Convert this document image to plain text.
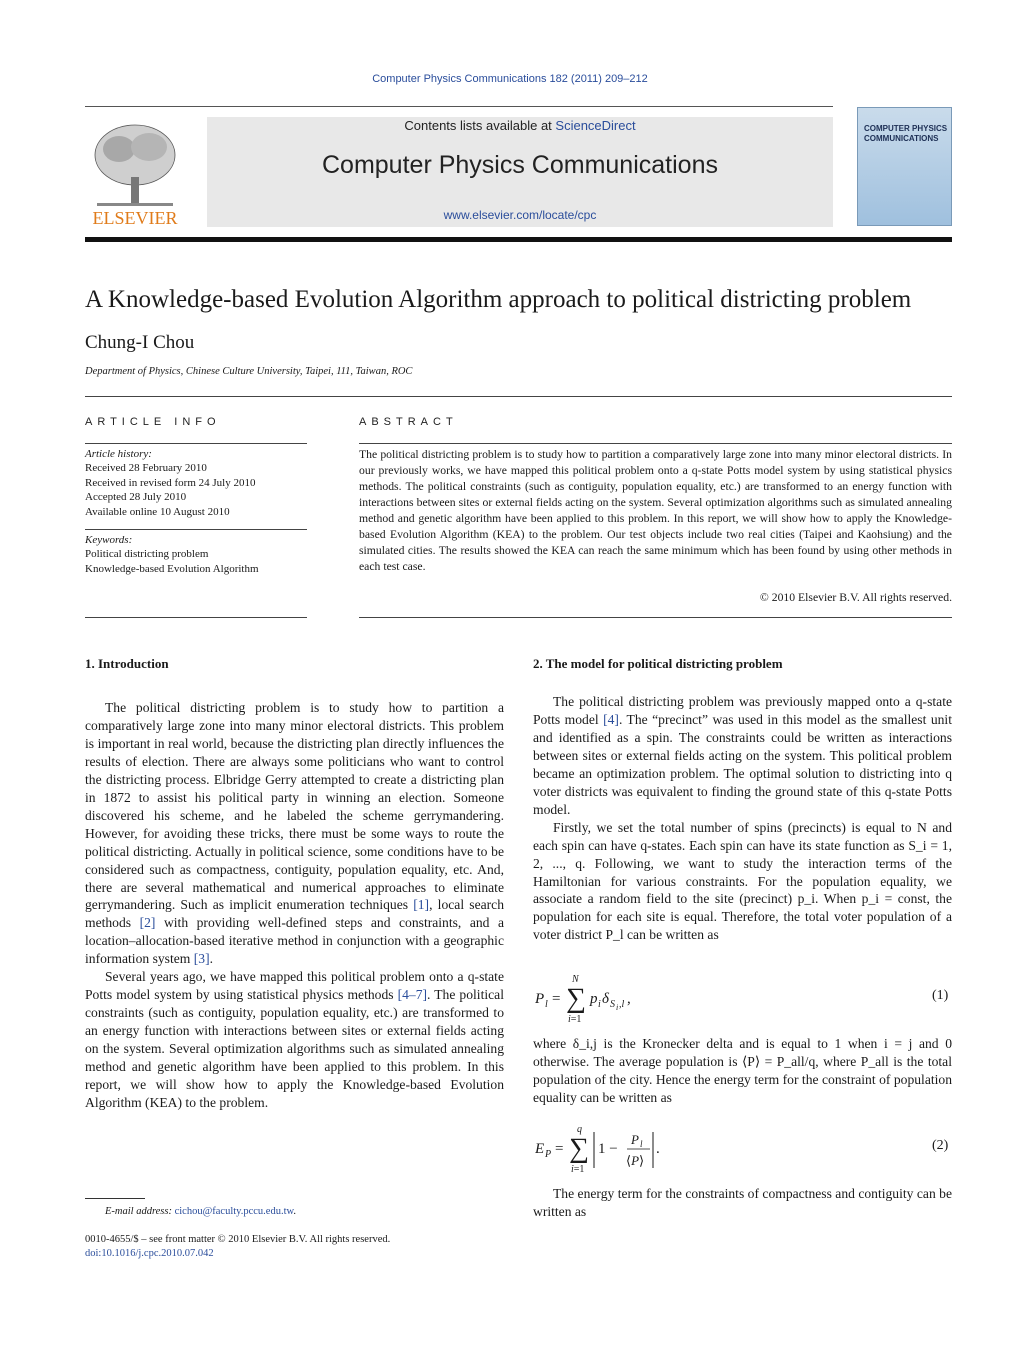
Computer Physics Communications 182 (2011) 209–212
ELSEVIER
Contents lists available at ScienceDirect
Computer Physics Communications
www.elsevier.com/locate/cpc
COMPUTER PHYSICS COMMUNICATIONS
A Knowledge-based Evolution Algorithm approach to political districting problem
Chung-I Chou
Department of Physics, Chinese Culture University, Taipei, 111, Taiwan, ROC
ARTICLE INFO	ABSTRACT
Article history:
Received 28 February 2010
Received in revised form 24 July 2010
Accepted 28 July 2010
Available online 10 August 2010
Keywords:
Political districting problem
Knowledge-based Evolution Algorithm
The political districting problem is to study how to partition a comparatively large zone into many minor electoral districts. In our previously works, we have mapped this political problem onto a q-state Potts model system by using statistical physics methods. The political constraints (such as contiguity, population equality, etc.) are transformed to an energy function with interactions between sites or external fields acting on the system. Several optimization algorithms such as simulated annealing method and genetic algorithm have been applied to this problem. In this report, we will show how to apply the Knowledge-based Evolution Algorithm (KEA) to the problem. Our test objects include two real cities (Taipei and Kaohsiung) and the simulated cities. The results showed the KEA can reach the same minimum which has been found by using other methods in each test case.
© 2010 Elsevier B.V. All rights reserved.
1. Introduction

The political districting problem is to study how to partition a comparatively large zone into many minor electoral districts. This problem is important in real world, because the districting plan directly influences the results of election. There are always some politicians who want to control the districting process. Elbridge Gerry attempted to create a districting plan in 1872 to assist his political party in winning an election. Someone discovered his scheme, and he labeled the scheme gerrymandering. However, for avoiding these tricks, there must be some ways to route the political districting. Actually in political science, some conditions have to be considered such as compactness, contiguity, population equality, etc. And, there are several mathematical and numerical approaches to eliminate gerrymandering. Such as implicit enumeration techniques [1], local search methods [2] with providing well-defined steps and constraints, and a location–allocation-based iterative method in conjunction with a geographic information system [3].

Several years ago, we have mapped this political problem onto a q-state Potts model system by using statistical physics methods [4–7]. The political constraints (such as contiguity, population equality, etc.) are transformed to an energy function with interactions between sites or external fields acting on the system. Several optimization algorithms such as simulated annealing method and genetic algorithm have been applied to this problem. In this report, we will show how to apply the Knowledge-based Evolution Algorithm (KEA) to the problem.

2. The model for political districting problem

The political districting problem was previously mapped onto a q-state Potts model [4]. The “precinct” was used in this model as the smallest unit and identified as a spin. The constraints could be written as interactions between sites or external fields acting on the system. This political problem became an optimization problem. The optimal solution to districting into q voter districts was equivalent to finding the ground state of this q-state Potts model.

Firstly, we set the total number of spins (precincts) is equal to N and each spin can have q-states. Each spin can have its state function as S_i = 1, 2, ..., q. Following, we want to study the interaction terms of the Hamiltonian for various constraints. For the population equality, we associate a random field to the site (precinct) p_i. When p_i = const, the population for each site is equal. Therefore, the total voter population of a voter district P_l can be written as

P l = ∑
N
i=1
p i δ S i ,l ,	(1)

where δ_i,j is the Kronecker delta and is equal to 1 when i = j and 0 otherwise. The average population is ⟨P⟩ = P_all/q, where P_all is the total population of the city. Hence the energy term for the constraint of population equality can be written as

E P = ∑
q
i=1
1 −
P l
⟨P⟩
.	(2)

The energy term for the constraints of compactness and contiguity can be written as

E-mail address: cichou@faculty.pccu.edu.tw.
0010-4655/$ – see front matter © 2010 Elsevier B.V. All rights reserved.
doi:10.1016/j.cpc.2010.07.042
